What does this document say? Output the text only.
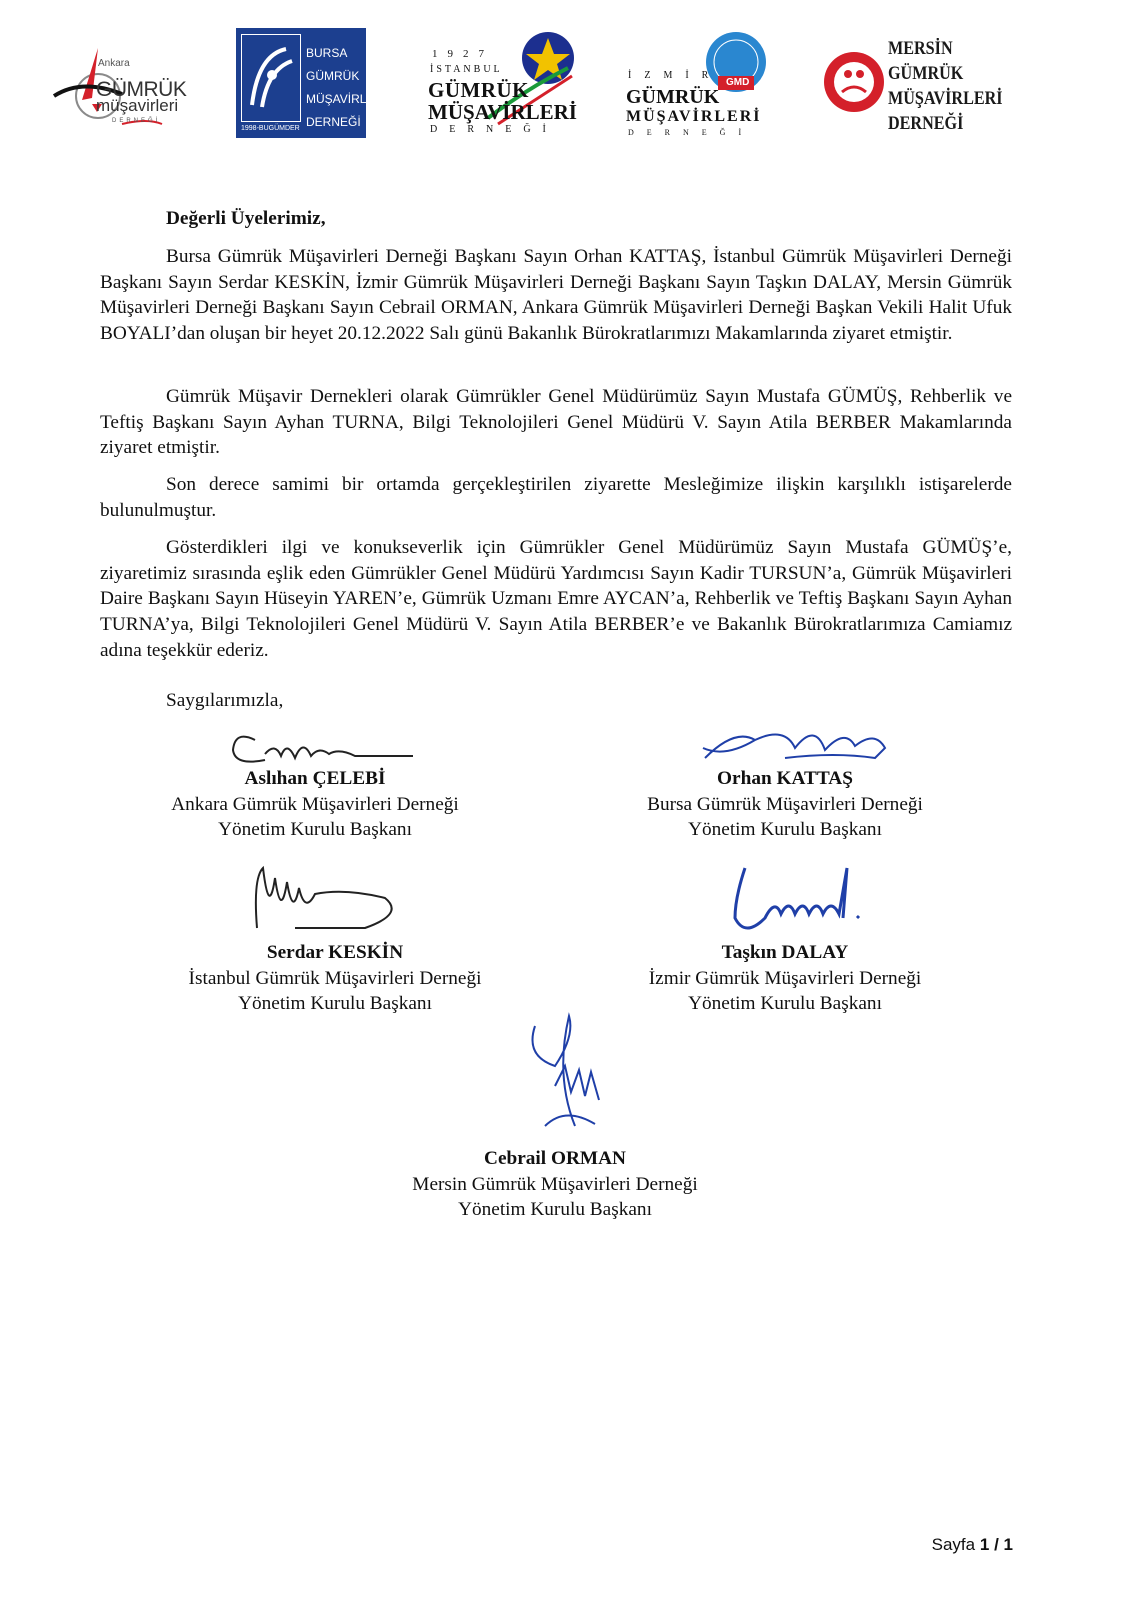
Ankara
GÜMRÜK
müşavirleri
DERNEĞİ
BURSA
GÜMRÜK
MÜŞAVİRLERİ
DERNEĞİ
1998-BUGÜMDER
1927
İSTANBUL
GÜMRÜK
MÜŞAVİRLERİ
DERNEĞİ
GMD
İZMİR
GÜMRÜK
MÜŞAVİRLERİ
DERNEĞİ
MERSİN
GÜMRÜK
MÜŞAVİRLERİ
DERNEĞİ
Değerli Üyelerimiz,

Bursa Gümrük Müşavirleri Derneği Başkanı Sayın Orhan KATTAŞ, İstanbul Gümrük Müşavirleri Derneği Başkanı Sayın Serdar KESKİN, İzmir Gümrük Müşavirleri Derneği Başkanı Sayın Taşkın DALAY, Mersin Gümrük Müşavirleri Derneği Başkanı Sayın Cebrail ORMAN, Ankara Gümrük Müşavirleri Derneği Başkan Vekili Halit Ufuk BOYALI’dan oluşan bir heyet 20.12.2022 Salı günü Bakanlık Bürokratlarımızı Makamlarında ziyaret etmiştir.

Gümrük Müşavir Dernekleri olarak Gümrükler Genel Müdürümüz Sayın Mustafa GÜMÜŞ, Rehberlik ve Teftiş Başkanı Sayın Ayhan TURNA, Bilgi Teknolojileri Genel Müdürü V. Sayın Atila BERBER Makamlarında ziyaret etmiştir.

Son derece samimi bir ortamda gerçekleştirilen ziyarette Mesleğimize ilişkin karşılıklı istişarelerde bulunulmuştur.

Gösterdikleri ilgi ve konukseverlik için Gümrükler Genel Müdürümüz Sayın Mustafa GÜMÜŞ’e, ziyaretimiz sırasında eşlik eden Gümrükler Genel Müdürü Yardımcısı Sayın Kadir TURSUN’a, Gümrük Müşavirleri Daire Başkanı Sayın Hüseyin YAREN’e, Gümrük Uzmanı Emre AYCAN’a, Rehberlik ve Teftiş Başkanı Sayın Ayhan TURNA’ya, Bilgi Teknolojileri Genel Müdürü V. Sayın Atila BERBER’e ve Bakanlık Bürokratlarımıza Camiamız adına teşekkür ederiz.

Saygılarımızla,
Aslıhan ÇELEBİ
Ankara Gümrük Müşavirleri Derneği
Yönetim Kurulu Başkanı
Orhan KATTAŞ
Bursa Gümrük Müşavirleri Derneği
Yönetim Kurulu Başkanı
Serdar KESKİN
İstanbul Gümrük Müşavirleri Derneği
Yönetim Kurulu Başkanı
Taşkın DALAY
İzmir Gümrük Müşavirleri Derneği
Yönetim Kurulu Başkanı
Cebrail ORMAN
Mersin Gümrük Müşavirleri Derneği
Yönetim Kurulu Başkanı
Sayfa 1 / 1
